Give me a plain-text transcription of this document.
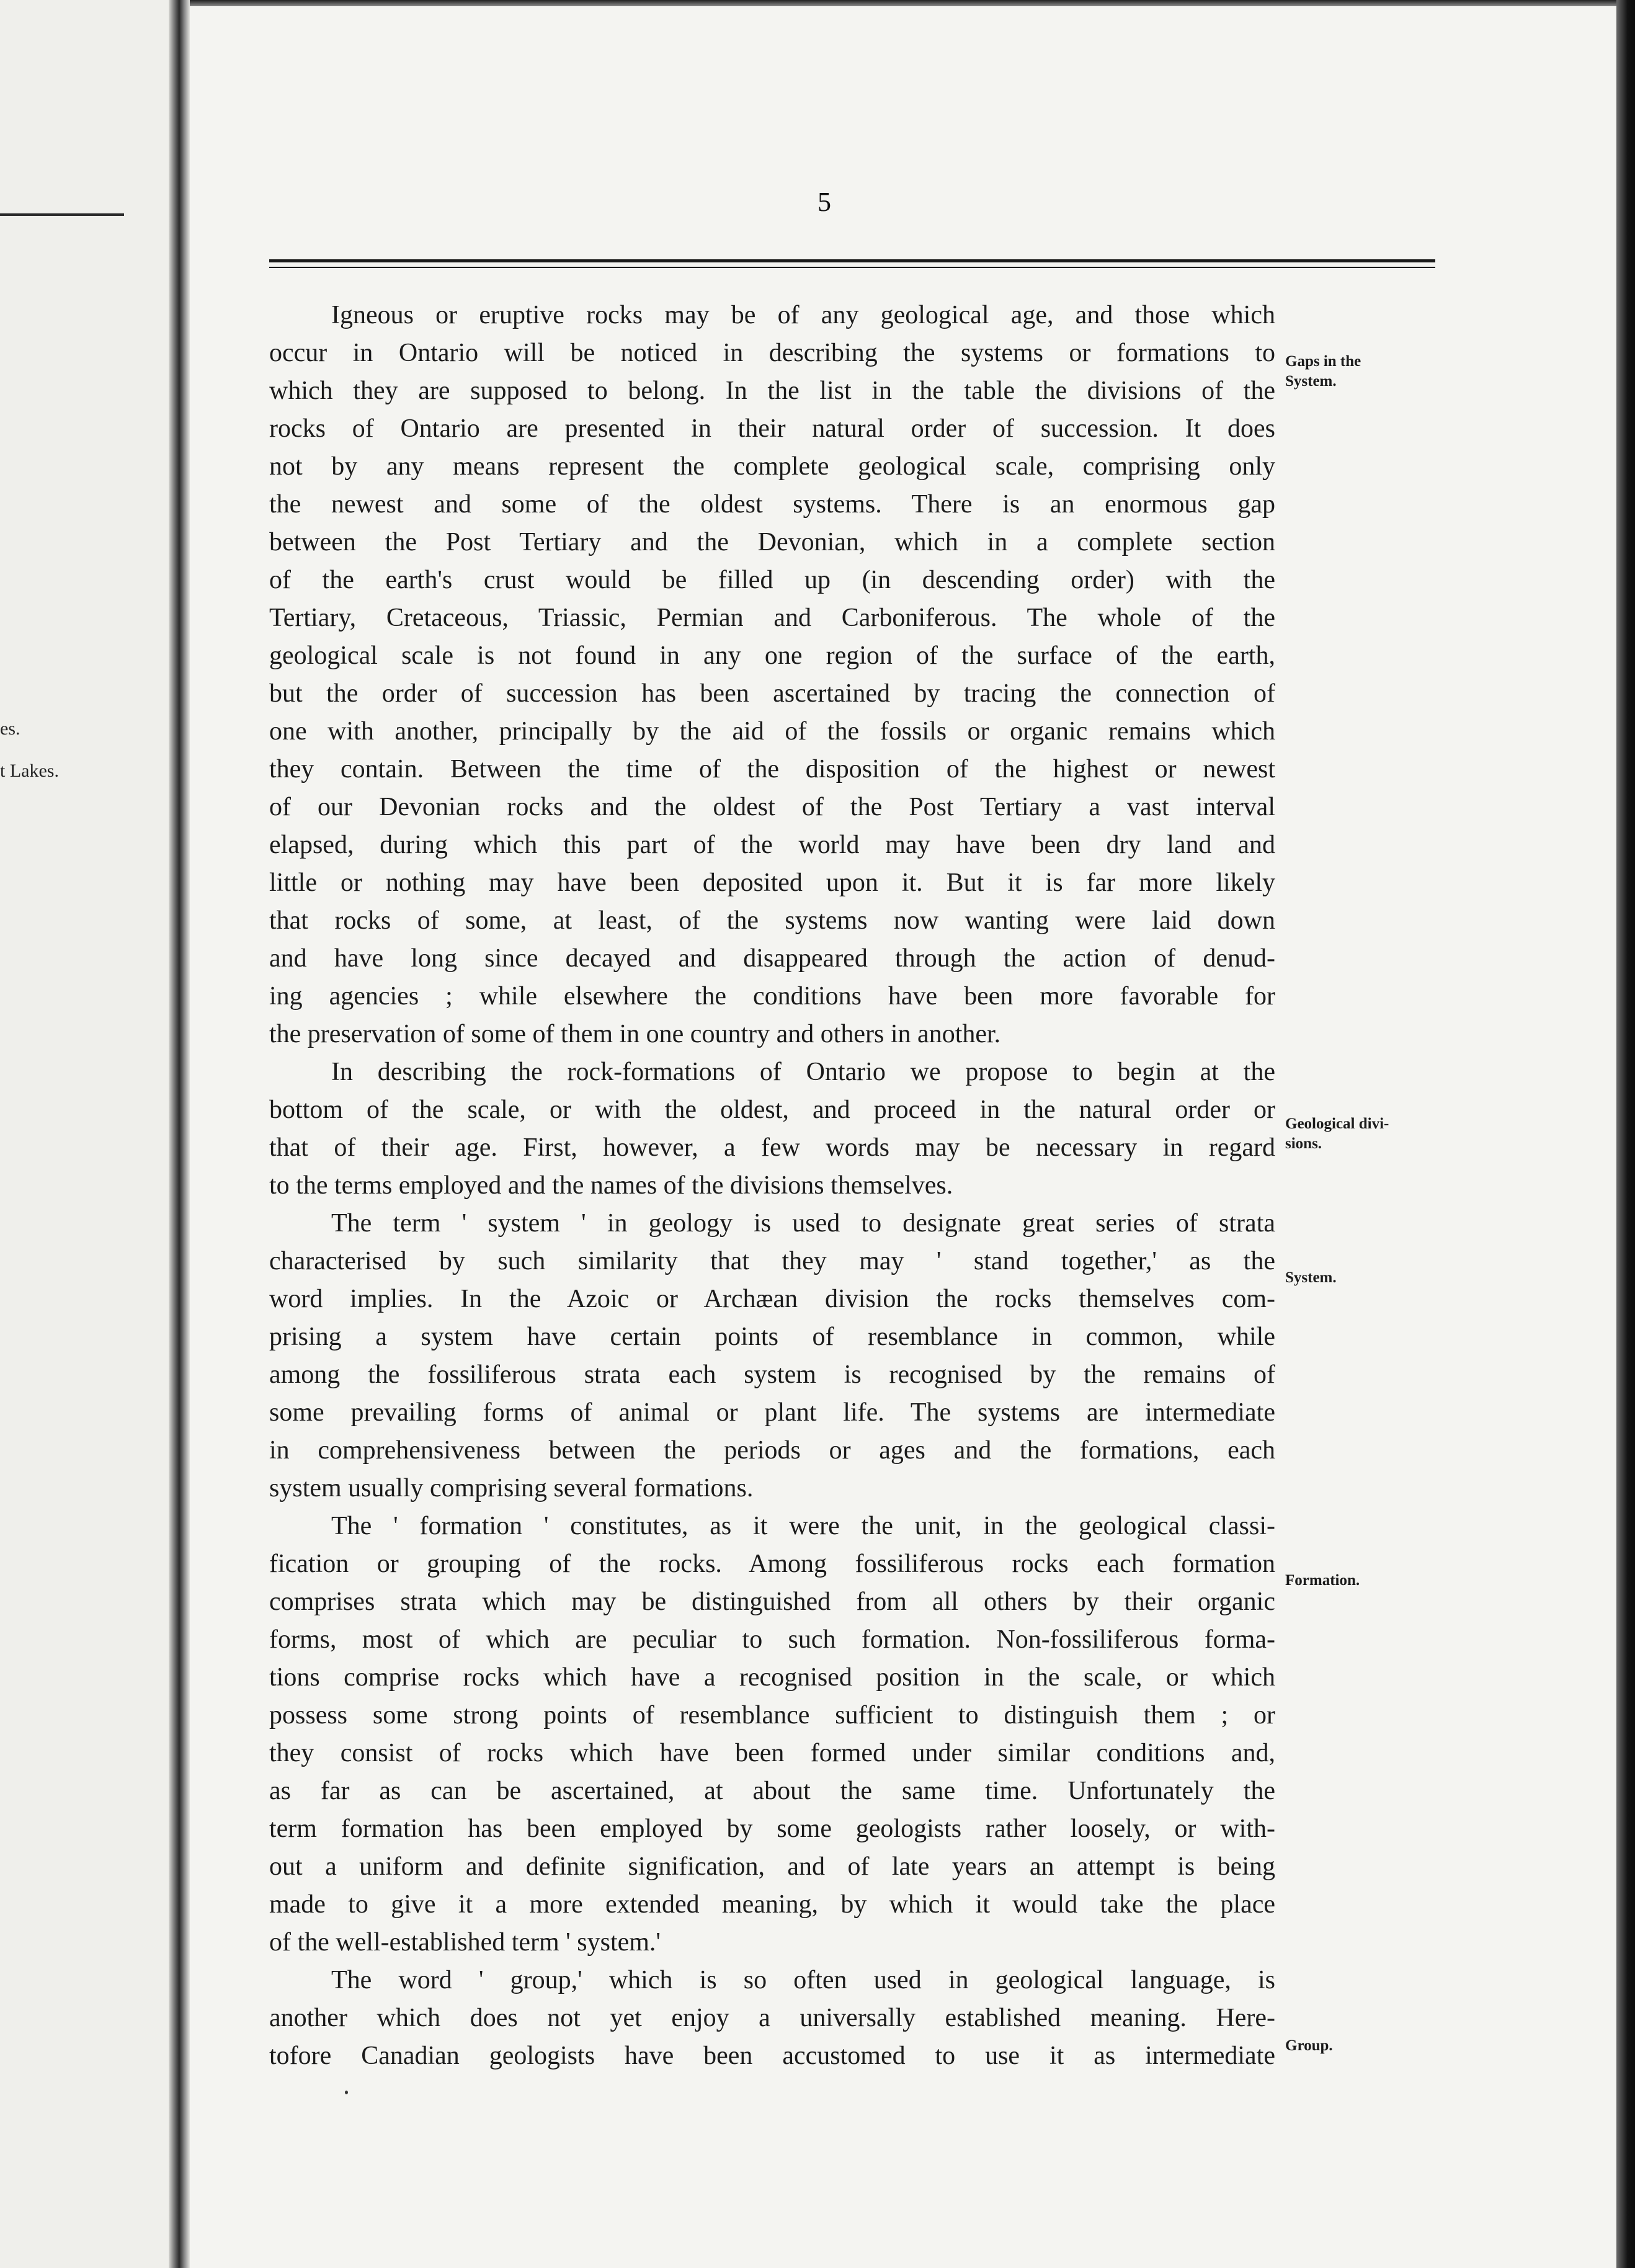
es.
t Lakes.
5
Igneous or eruptive rocks may be of any geological age, and those which
occur in Ontario will be noticed in describing the systems or formations to
which they are supposed to belong. In the list in the table the divisions of the
rocks of Ontario are presented in their natural order of succession. It does
not by any means represent the complete geological scale, comprising only
the newest and some of the oldest systems. There is an enormous gap
between the Post Tertiary and the Devonian, which in a complete section
of the earth's crust would be filled up (in descending order) with the
Tertiary, Cretaceous, Triassic, Permian and Carboniferous. The whole of the
geological scale is not found in any one region of the surface of the earth,
but the order of succession has been ascertained by tracing the connection of
one with another, principally by the aid of the fossils or organic remains which
they contain. Between the time of the disposition of the highest or newest
of our Devonian rocks and the oldest of the Post Tertiary a vast interval
elapsed, during which this part of the world may have been dry land and
little or nothing may have been deposited upon it. But it is far more likely
that rocks of some, at least, of the systems now wanting were laid down
and have long since decayed and disappeared through the action of denud-
ing agencies ; while elsewhere the conditions have been more favorable for
the preservation of some of them in one country and others in another.
In describing the rock-formations of Ontario we propose to begin at the
bottom of the scale, or with the oldest, and proceed in the natural order or
that of their age. First, however, a few words may be necessary in regard
to the terms employed and the names of the divisions themselves.
The term ' system ' in geology is used to designate great series of strata
characterised by such similarity that they may ' stand together,' as the
word implies. In the Azoic or Archæan division the rocks themselves com-
prising a system have certain points of resemblance in common, while
among the fossiliferous strata each system is recognised by the remains of
some prevailing forms of animal or plant life. The systems are intermediate
in comprehensiveness between the periods or ages and the formations, each
system usually comprising several formations.
The ' formation ' constitutes, as it were the unit, in the geological classi-
fication or grouping of the rocks. Among fossiliferous rocks each formation
comprises strata which may be distinguished from all others by their organic
forms, most of which are peculiar to such formation. Non-fossiliferous forma-
tions comprise rocks which have a recognised position in the scale, or which
possess some strong points of resemblance sufficient to distinguish them ; or
they consist of rocks which have been formed under similar conditions and,
as far as can be ascertained, at about the same time. Unfortunately the
term formation has been employed by some geologists rather loosely, or with-
out a uniform and definite signification, and of late years an attempt is being
made to give it a more extended meaning, by which it would take the place
of the well-established term ' system.'
The word ' group,' which is so often used in geological language, is
another which does not yet enjoy a universally established meaning. Here-
tofore Canadian geologists have been accustomed to use it as intermediate
Gaps in the
System.
Geological divi-
sions.
System.
Formation.
Group.
